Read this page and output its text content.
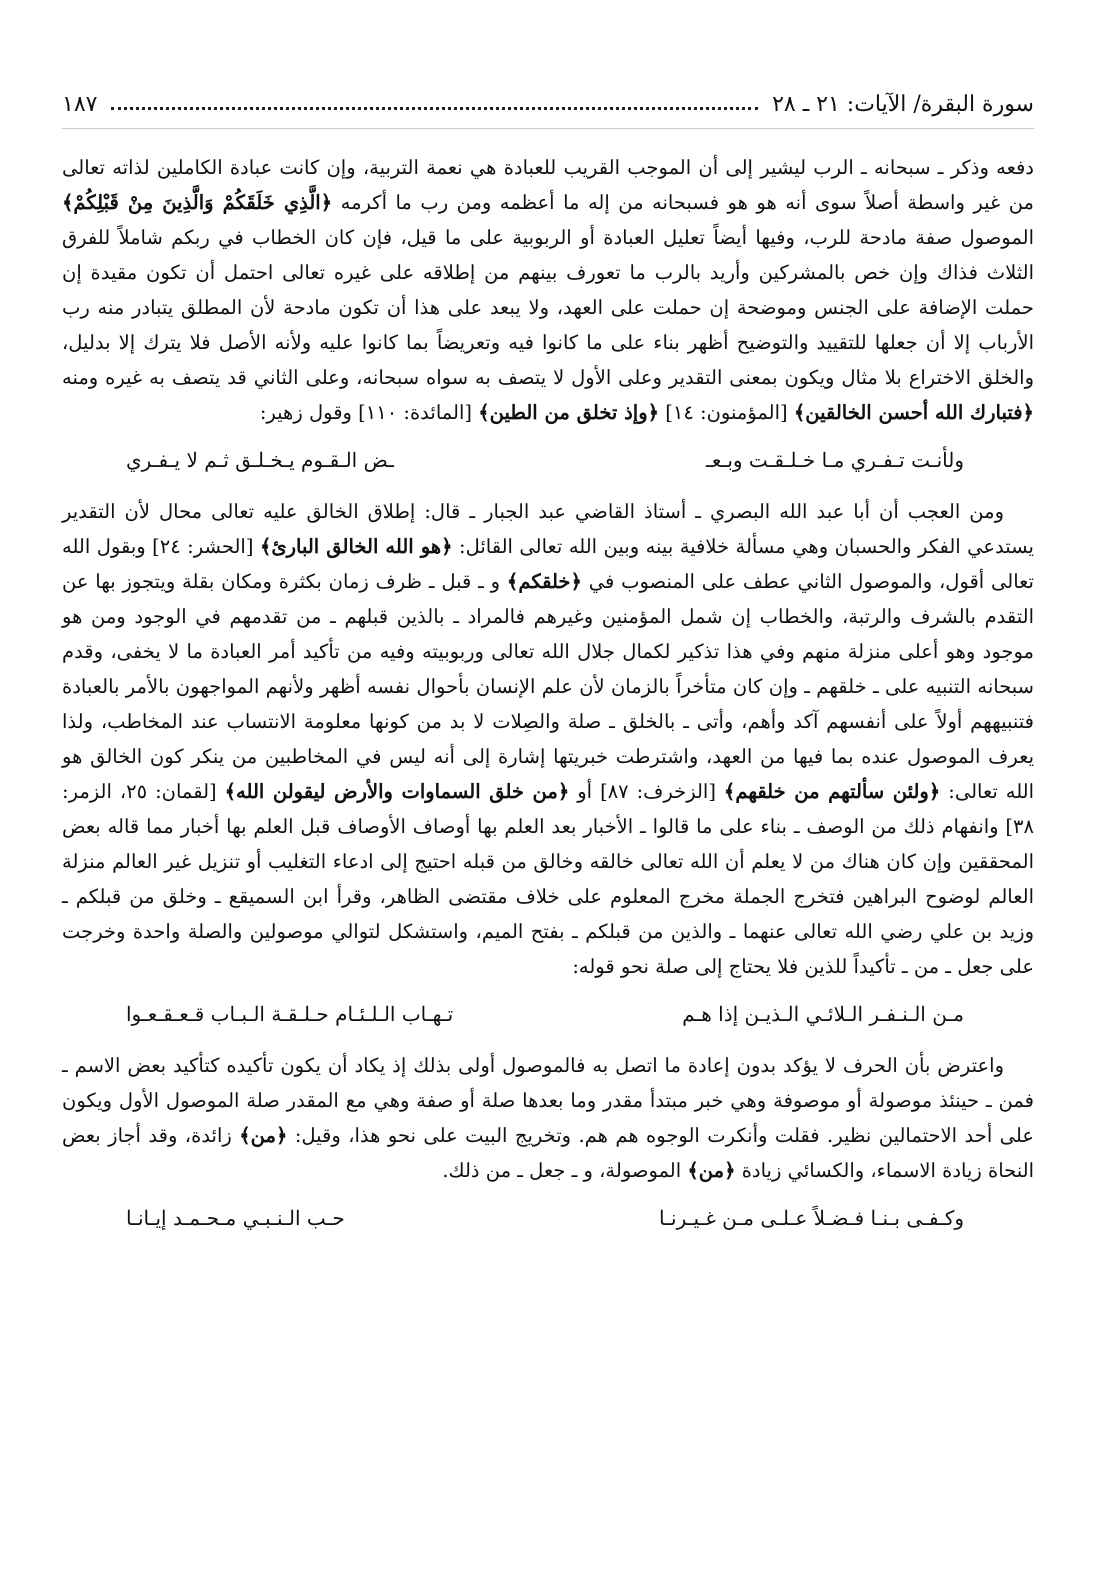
سورة البقرة/ الآيات: ٢١ ـ ٢٨
١٨٧

دفعه وذكر ـ سبحانه ـ الرب ليشير إلى أن الموجب القريب للعبادة هي نعمة التربية، وإن كانت عبادة الكاملين لذاته تعالى من غير واسطة أصلاً سوى أنه هو هو فسبحانه من إله ما أعظمه ومن رب ما أكرمه ﴿الَّذِي خَلَقَكُمْ وَالَّذِينَ مِنْ قَبْلِكُمْ﴾ الموصول صفة مادحة للرب، وفيها أيضاً تعليل العبادة أو الربوبية على ما قيل، فإن كان الخطاب في ربكم شاملاً للفرق الثلاث فذاك وإن خص بالمشركين وأريد بالرب ما تعورف بينهم من إطلاقه على غيره تعالى احتمل أن تكون مقيدة إن حملت الإضافة على الجنس وموضحة إن حملت على العهد، ولا يبعد على هذا أن تكون مادحة لأن المطلق يتبادر منه رب الأرباب إلا أن جعلها للتقييد والتوضيح أظهر بناء على ما كانوا فيه وتعريضاً بما كانوا عليه ولأنه الأصل فلا يترك إلا بدليل، والخلق الاختراع بلا مثال ويكون بمعنى التقدير وعلى الأول لا يتصف به سواه سبحانه، وعلى الثاني قد يتصف به غيره ومنه ﴿فتبارك الله أحسن الخالقين﴾ [المؤمنون: ١٤] ﴿وإذ تخلق من الطين﴾ [المائدة: ١١٠] وقول زهير:

ولأنـت تـفـري مـا خـلـقـت وبـعـ
ـض الـقـوم يـخـلـق ثـم لا يـفـري

ومن العجب أن أبا عبد الله البصري ـ أستاذ القاضي عبد الجبار ـ قال: إطلاق الخالق عليه تعالى محال لأن التقدير يستدعي الفكر والحسبان وهي مسألة خلافية بينه وبين الله تعالى القائل: ﴿هو الله الخالق البارئ﴾ [الحشر: ٢٤] وبقول الله تعالى أقول، والموصول الثاني عطف على المنصوب في ﴿خلقكم﴾ و ـ قبل ـ ظرف زمان بكثرة ومكان بقلة ويتجوز بها عن التقدم بالشرف والرتبة، والخطاب إن شمل المؤمنين وغيرهم فالمراد ـ بالذين قبلهم ـ من تقدمهم في الوجود ومن هو موجود وهو أعلى منزلة منهم وفي هذا تذكير لكمال جلال الله تعالى وربوبيته وفيه من تأكيد أمر العبادة ما لا يخفى، وقدم سبحانه التنبيه على ـ خلقهم ـ وإن كان متأخراً بالزمان لأن علم الإنسان بأحوال نفسه أظهر ولأنهم المواجهون بالأمر بالعبادة فتنبيههم أولاً على أنفسهم آكد وأهم، وأتى ـ بالخلق ـ صلة والصِلات لا بد من كونها معلومة الانتساب عند المخاطب، ولذا يعرف الموصول عنده بما فيها من العهد، واشترطت خبريتها إشارة إلى أنه ليس في المخاطبين من ينكر كون الخالق هو الله تعالى: ﴿ولئن سألتهم من خلقهم﴾ [الزخرف: ٨٧] أو ﴿من خلق السماوات والأرض ليقولن الله﴾ [لقمان: ٢٥، الزمر: ٣٨] وانفهام ذلك من الوصف ـ بناء على ما قالوا ـ الأخبار بعد العلم بها أوصاف الأوصاف قبل العلم بها أخبار مما قاله بعض المحققين وإن كان هناك من لا يعلم أن الله تعالى خالقه وخالق من قبله احتيج إلى ادعاء التغليب أو تنزيل غير العالم منزلة العالم لوضوح البراهين فتخرج الجملة مخرج المعلوم على خلاف مقتضى الظاهر، وقرأ ابن السميقع ـ وخلق من قبلكم ـ وزيد بن علي رضي الله تعالى عنهما ـ والذين من قبلكم ـ بفتح الميم، واستشكل لتوالي موصولين والصلة واحدة وخرجت على جعل ـ من ـ تأكيداً للذين فلا يحتاج إلى صلة نحو قوله:

مـن الـنـفـر الـلائـي الـذيـن إذا هـم
تـهـاب الـلـئـام حـلـقـة الـبـاب قـعـقـعـوا

واعترض بأن الحرف لا يؤكد بدون إعادة ما اتصل به فالموصول أولى بذلك إذ يكاد أن يكون تأكيده كتأكيد بعض الاسم ـ فمن ـ حينئذ موصولة أو موصوفة وهي خبر مبتدأ مقدر وما بعدها صلة أو صفة وهي مع المقدر صلة الموصول الأول ويكون على أحد الاحتمالين نظير. فقلت وأنكرت الوجوه هم هم. وتخريج البيت على نحو هذا، وقيل: ﴿من﴾ زائدة، وقد أجاز بعض النحاة زيادة الاسماء، والكسائي زيادة ﴿من﴾ الموصولة، و ـ جعل ـ من ذلك.

وكـفـى بـنـا فـضـلاً عـلـى مـن غـيـرنـا
حـب الـنـبـي مـحـمـد إيـانـا
